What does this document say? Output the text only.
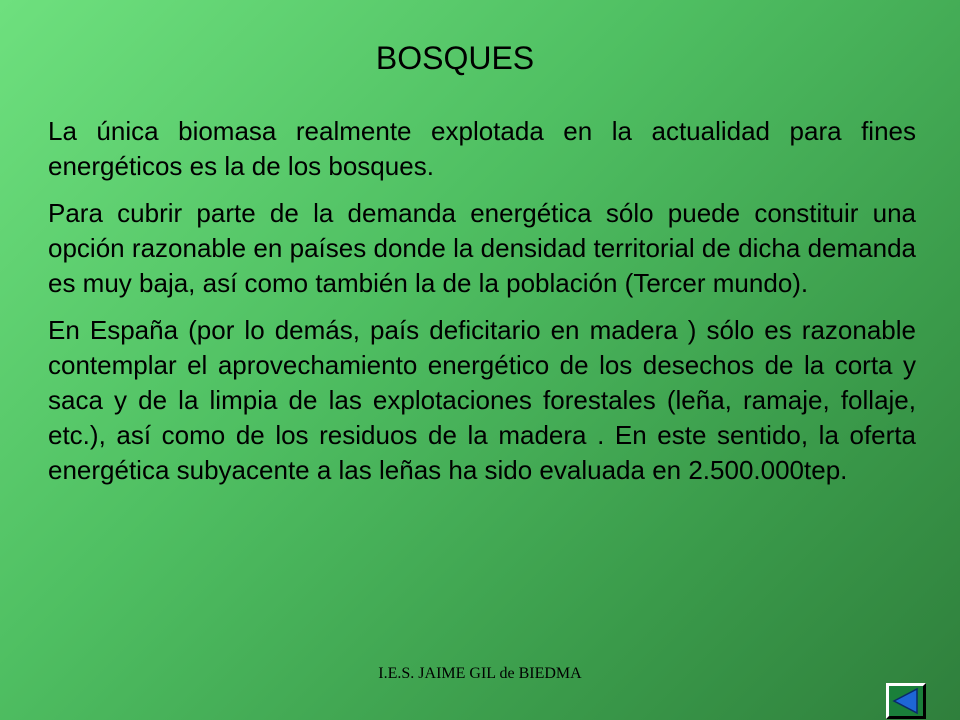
BOSQUES

La única biomasa realmente explotada en la actualidad para fines energéticos es la de los bosques.

Para cubrir parte de la demanda energética sólo puede constituir una opción razonable en países donde la densidad territorial de dicha demanda es muy baja, así como también la de la población (Tercer mundo).

En España (por lo demás, país deficitario en madera ) sólo es razonable contemplar el aprovechamiento energético de los desechos de la corta y saca y de la limpia de las explotaciones forestales (leña, ramaje, follaje, etc.), así como de los residuos de la madera . En este sentido, la oferta energética subyacente a las leñas ha sido evaluada en 2.500.000tep.

I.E.S. JAIME GIL de BIEDMA
